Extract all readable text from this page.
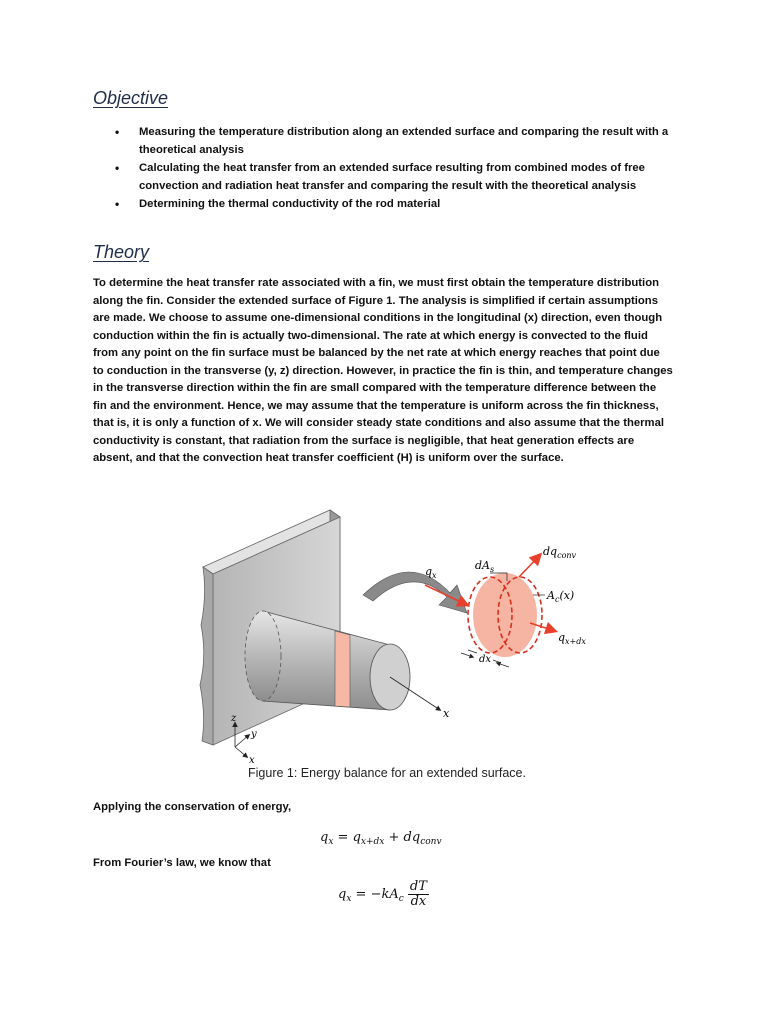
Objective
• Measuring the temperature distribution along an extended surface and comparing the result with a theoretical analysis
• Calculating the heat transfer from an extended surface resulting from combined modes of free convection and radiation heat transfer and comparing the result with the theoretical analysis
• Determining the thermal conductivity of the rod material
Theory

To determine the heat transfer rate associated with a fin, we must first obtain the temperature distribution along the fin. Consider the extended surface of Figure 1. The analysis is simplified if certain assumptions are made. We choose to assume one-dimensional conditions in the longitudinal (x) direction, even though conduction within the fin is actually two-dimensional. The rate at which energy is convected to the fluid from any point on the fin surface must be balanced by the net rate at which energy reaches that point due to conduction in the transverse (y, z) direction. However, in practice the fin is thin, and temperature changes in the transverse direction within the fin are small compared with the temperature difference between the fin and the environment. Hence, we may assume that the temperature is uniform across the fin thickness, that is, it is only a function of x. We will consider steady state conditions and also assume that the thermal conductivity is constant, that radiation from the surface is negligible, that heat generation effects are absent, and that the convection heat transfer coefficient (H) is uniform over the surface.

x
$q_x$
$dA_s$
$dq_{conv}$
$A_c(x)$
$q_{x+dx}$
dx
z
y
x

Figure 1: Energy balance for an extended surface.

Applying the conservation of energy,

$q_x = q_{x+dx} + dq_{conv}$

From Fourier’s law, we know that

$q_x = -kA_c \frac{dT}{dx}$
